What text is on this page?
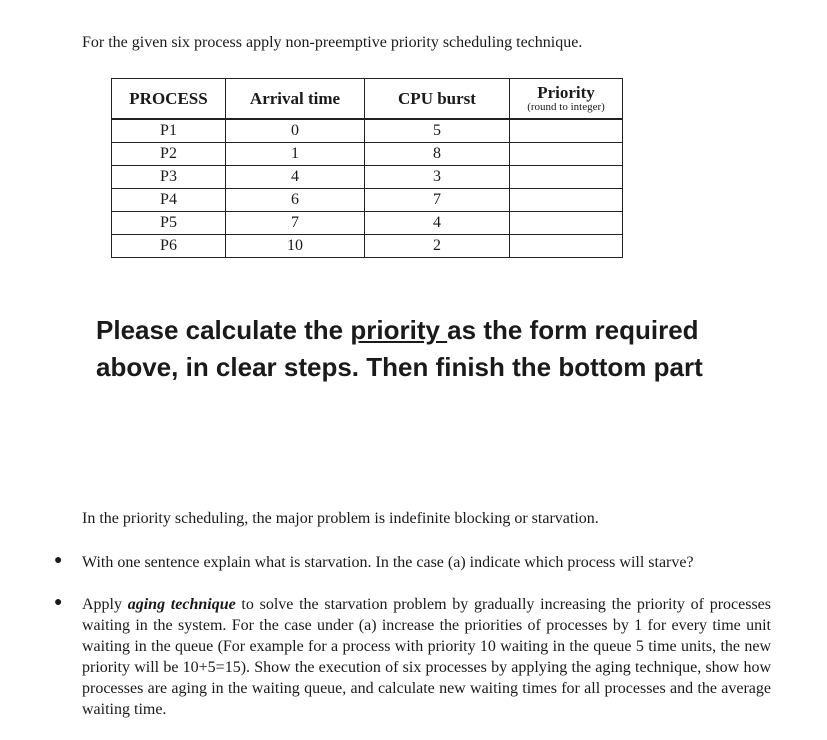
For the given six process apply non-preemptive priority scheduling technique.
PROCESS	Arrival time	CPU burst	Priority
(round to integer)

P1	0	5	
P2	1	8	
P3	4	3	
P4	6	7	
P5	7	4	
P6	10	2	
Please calculate the priority as the form required above, in clear steps. Then finish the bottom part
In the priority scheduling, the major problem is indefinite blocking or starvation.
● With one sentence explain what is starvation. In the case (a) indicate which process will starve?
● Apply aging technique to solve the starvation problem by gradually increasing the priority of processes waiting in the system. For the case under (a) increase the priorities of processes by 1 for every time unit waiting in the queue (For example for a process with priority 10 waiting in the queue 5 time units, the new priority will be 10+5=15). Show the execution of six processes by applying the aging technique, show how processes are aging in the waiting queue, and calculate new waiting times for all processes and the average waiting time.
